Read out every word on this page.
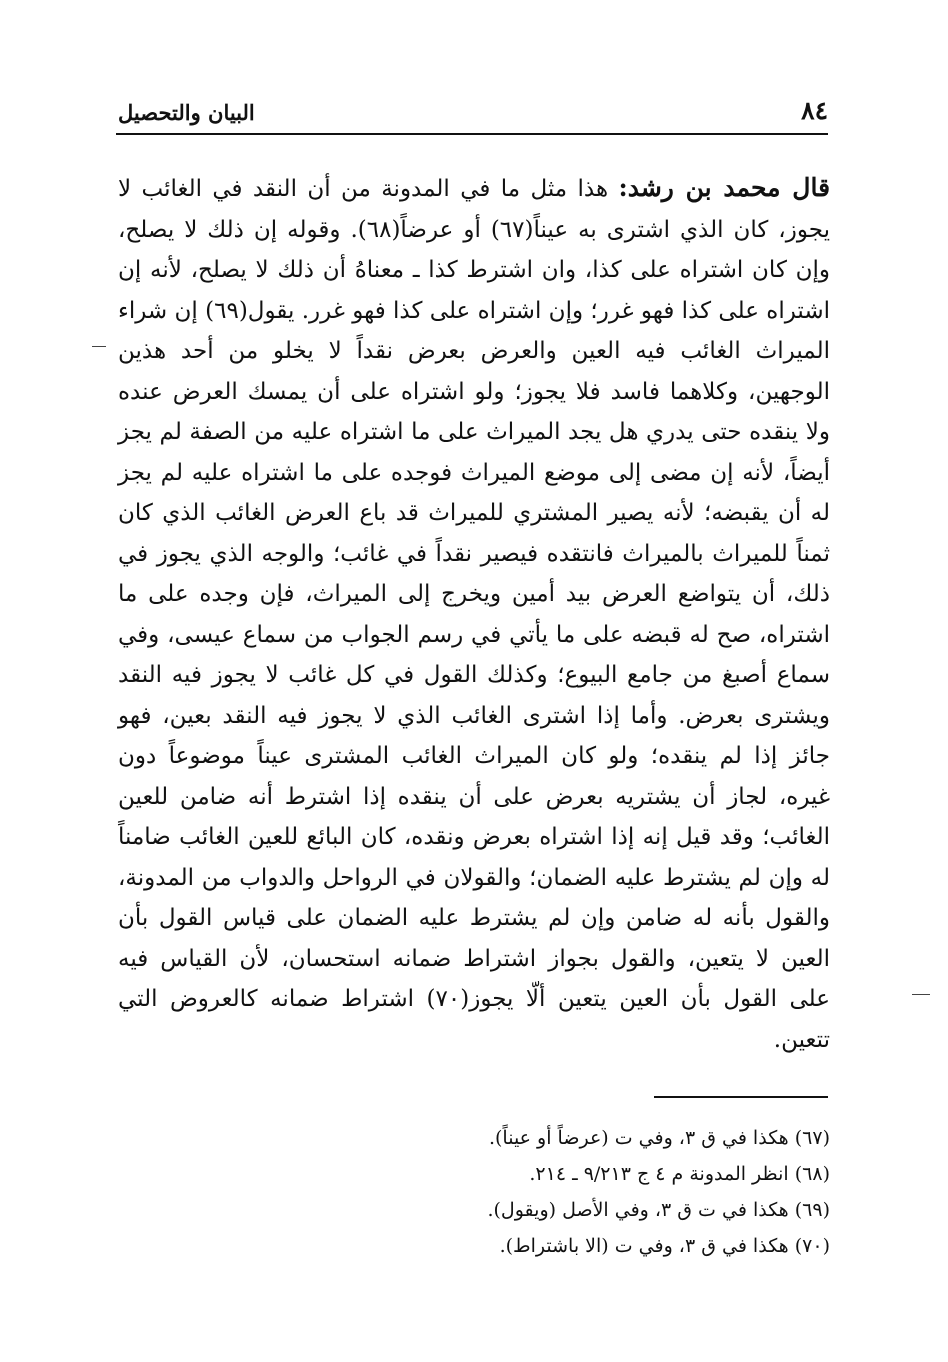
٨٤
البيان والتحصيل

قال محمد بن رشد: هذا مثل ما في المدونة من أن النقد في الغائب لا يجوز، كان الذي اشترى به عيناً(٦٧) أو عرضاً(٦٨). وقوله إن ذلك لا يصلح، وإن كان اشتراه على كذا، وان اشترط كذا ـ معناهُ أن ذلك لا يصلح، لأنه إن اشتراه على كذا فهو غرر؛ وإن اشتراه على كذا فهو غرر. يقول(٦٩) إن شراء الميراث الغائب فيه العين والعرض بعرض نقداً لا يخلو من أحد هذين الوجهين، وكلاهما فاسد فلا يجوز؛ ولو اشتراه على أن يمسك العرض عنده ولا ينقده حتى يدري هل يجد الميراث على ما اشتراه عليه من الصفة لم يجز أيضاً، لأنه إن مضى إلى موضع الميراث فوجده على ما اشتراه عليه لم يجز له أن يقبضه؛ لأنه يصير المشتري للميراث قد باع العرض الغائب الذي كان ثمناً للميراث بالميراث فانتقده فيصير نقداً في غائب؛ والوجه الذي يجوز في ذلك، أن يتواضع العرض بيد أمين ويخرج إلى الميراث، فإن وجده على ما اشتراه، صح له قبضه على ما يأتي في رسم الجواب من سماع عيسى، وفي سماع أصبغ من جامع البيوع؛ وكذلك القول في كل غائب لا يجوز فيه النقد ويشترى بعرض. وأما إذا اشترى الغائب الذي لا يجوز فيه النقد بعين، فهو جائز إذا لم ينقده؛ ولو كان الميراث الغائب المشترى عيناً موضوعاً دون غيره، لجاز أن يشتريه بعرض على أن ينقده إذا اشترط أنه ضامن للعين الغائب؛ وقد قيل إنه إذا اشتراه بعرض ونقده، كان البائع للعين الغائب ضامناً له وإن لم يشترط عليه الضمان؛ والقولان في الرواحل والدواب من المدونة، والقول بأنه له ضامن وإن لم يشترط عليه الضمان على قياس القول بأن العين لا يتعين، والقول بجواز اشتراط ضمانه استحسان، لأن القياس فيه على القول بأن العين يتعين ألّا يجوز(٧٠) اشتراط ضمانه كالعروض التي تتعين.

(٦٧) هكذا في ق ٣، وفي ت (عرضاً أو عيناً).
(٦٨) انظر المدونة م ٤ ج ٩/٢١٣ ـ ٢١٤.
(٦٩) هكذا في ت ق ٣، وفي الأصل (ويقول).
(٧٠) هكذا في ق ٣، وفي ت (الا باشتراط).
